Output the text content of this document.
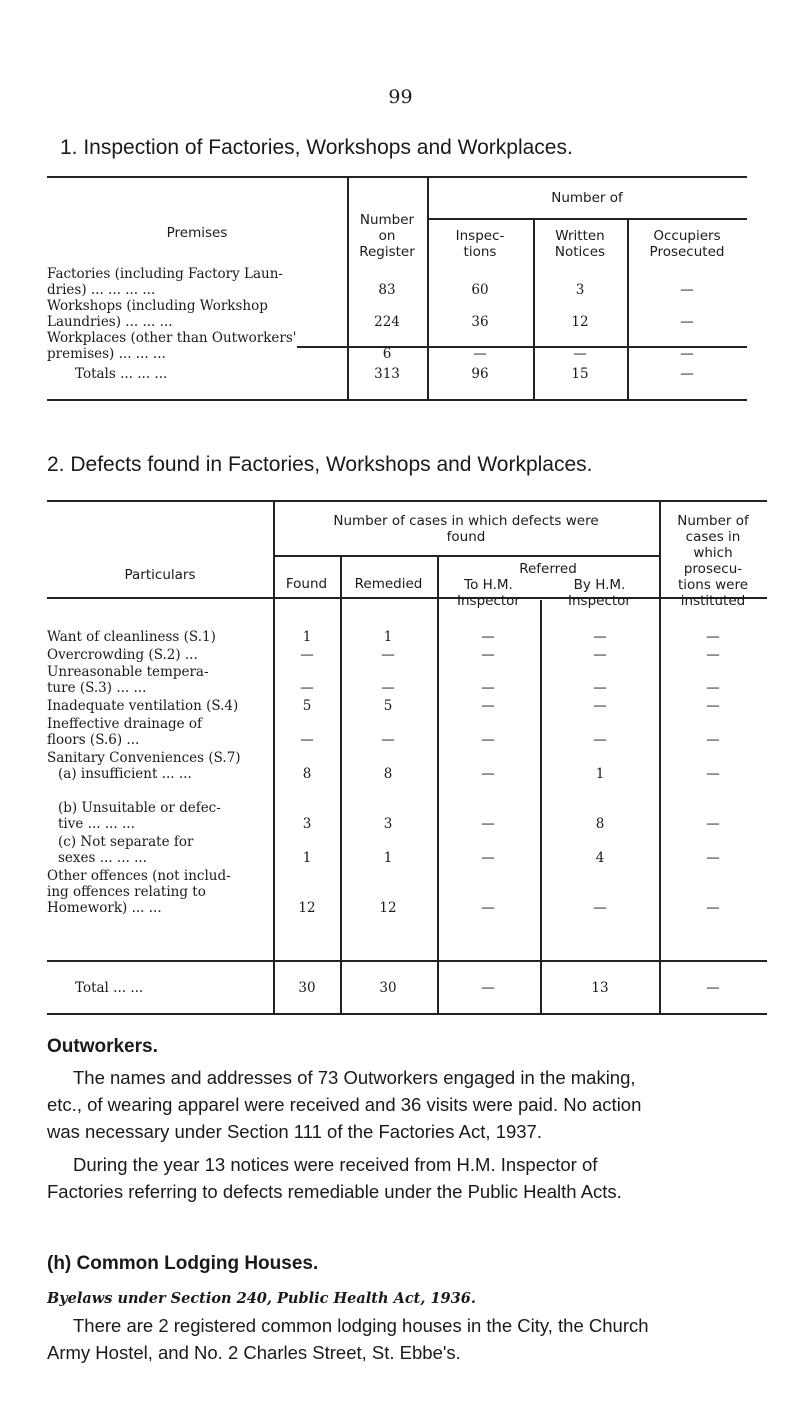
99
1. Inspection of Factories, Workshops and Workplaces.
Premises
Number
on
Register
Number of
Inspec-
tions
Written
Notices
Occupiers
Prosecuted
Factories (including Factory Laun-
dries) ... ... ... ...	83	60	3	—
Workshops (including Workshop
Laundries) ... ... ...	224	36	12	—
Workplaces (other than Outworkers'
premises) ... ... ...	6	—	—	—
Totals ... ... ...	313	96	15	—
2. Defects found in Factories, Workshops and Workplaces.
Particulars
Number of cases in which defects were
found
Found	Remedied
Referred
To H.M.
Inspector
By H.M.
Inspector
Number of
cases in
which
prosecu-
tions were
instituted
Want of cleanliness (S.1)	1	1	—	—	—
Overcrowding (S.2) ...	—	—	—	—	—
Unreasonable tempera-
ture (S.3) ... ...	—	—	—	—	—
Inadequate ventilation (S.4)	5	5	—	—	—
Ineffective drainage of
floors (S.6) ...	—	—	—	—	—
Sanitary Conveniences (S.7)
(a) insufficient ... ...	8	8	—	1	—
(b) Unsuitable or defec-
tive ... ... ...	3	3	—	8	—
(c) Not separate for
sexes ... ... ...	1	1	—	4	—
Other offences (not includ-
ing offences relating to
Homework) ... ...	12	12	—	—	—
Total ... ...	30	30	—	13	—
Outworkers.
The names and addresses of 73 Outworkers engaged in the making,
etc., of wearing apparel were received and 36 visits were paid. No action
was necessary under Section 111 of the Factories Act, 1937.
During the year 13 notices were received from H.M. Inspector of
Factories referring to defects remediable under the Public Health Acts.
(h) Common Lodging Houses.
Byelaws under Section 240, Public Health Act, 1936.
There are 2 registered common lodging houses in the City, the Church
Army Hostel, and No. 2 Charles Street, St. Ebbe's.
